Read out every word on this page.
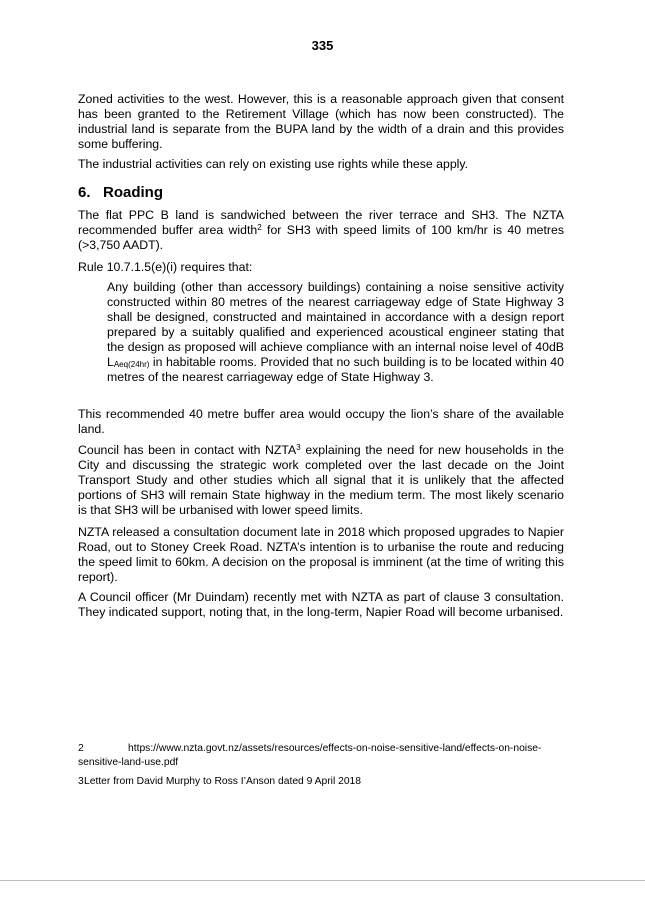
335

Zoned activities to the west. However, this is a reasonable approach given that consent has been granted to the Retirement Village (which has now been constructed). The industrial land is separate from the BUPA land by the width of a drain and this provides some buffering.

The industrial activities can rely on existing use rights while these apply.

6. Roading

The flat PPC B land is sandwiched between the river terrace and SH3. The NZTA recommended buffer area width$^2$ for SH3 with speed limits of 100 km/hr is 40 metres (>3,750 AADT).

Rule 10.7.1.5(e)(i) requires that:

Any building (other than accessory buildings) containing a noise sensitive activity constructed within 80 metres of the nearest carriageway edge of State Highway 3 shall be designed, constructed and maintained in accordance with a design report prepared by a suitably qualified and experienced acoustical engineer stating that the design as proposed will achieve compliance with an internal noise level of 40dB $L_{Aeq(24hr)}$ in habitable rooms. Provided that no such building is to be located within 40 metres of the nearest carriageway edge of State Highway 3.

This recommended 40 metre buffer area would occupy the lion’s share of the available land.

Council has been in contact with NZTA$^3$ explaining the need for new households in the City and discussing the strategic work completed over the last decade on the Joint Transport Study and other studies which all signal that it is unlikely that the affected portions of SH3 will remain State highway in the medium term. The most likely scenario is that SH3 will be urbanised with lower speed limits.

NZTA released a consultation document late in 2018 which proposed upgrades to Napier Road, out to Stoney Creek Road. NZTA’s intention is to urbanise the route and reducing the speed limit to 60km. A decision on the proposal is imminent (at the time of writing this report).

A Council officer (Mr Duindam) recently met with NZTA as part of clause 3 consultation. They indicated support, noting that, in the long-term, Napier Road will become urbanised.

2	https://www.nzta.govt.nz/assets/resources/effects-on-noise-sensitive-land/effects-on-noise-sensitive-land-use.pdf

3Letter from David Murphy to Ross I’Anson dated 9 April 2018
